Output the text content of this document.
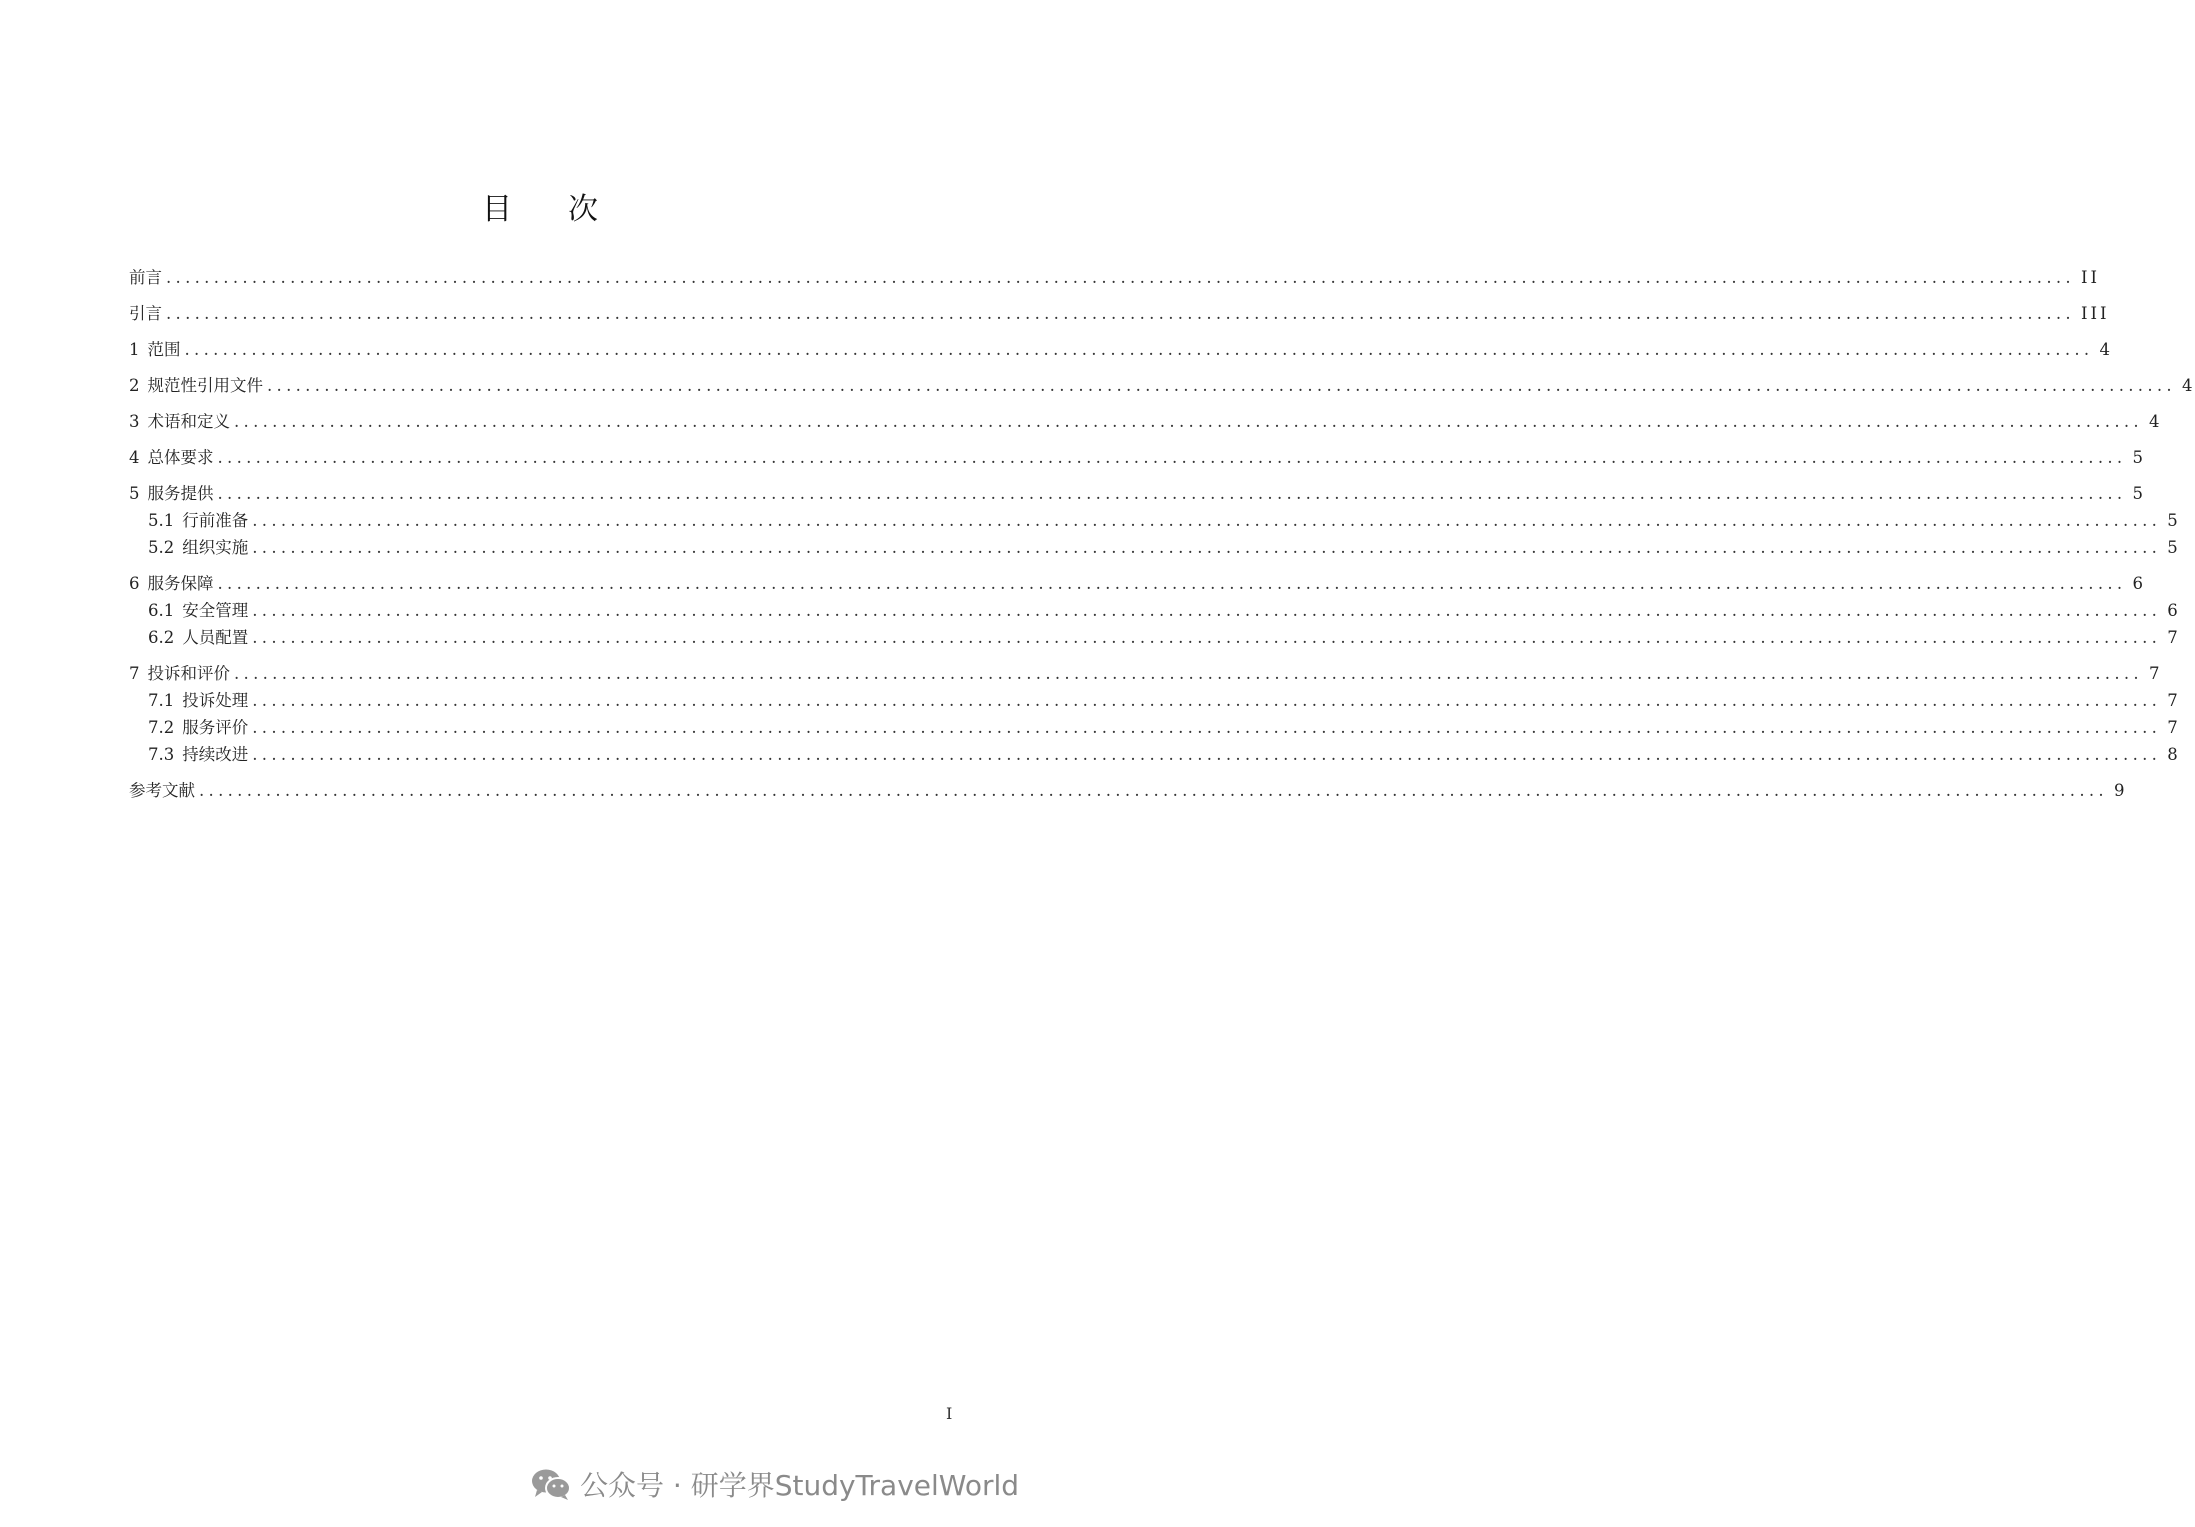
目 次
前言 ........................................................................................................................................................................................................ II
引言 ........................................................................................................................................................................................................ III
1 范围 ........................................................................................................................................................................................................ 4
2 规范性引用文件 ........................................................................................................................................................................................................ 4
3 术语和定义 ........................................................................................................................................................................................................ 4
4 总体要求 ........................................................................................................................................................................................................ 5
5 服务提供 ........................................................................................................................................................................................................ 5
5.1 行前准备 ........................................................................................................................................................................................................ 5
5.2 组织实施 ........................................................................................................................................................................................................ 5
6 服务保障 ........................................................................................................................................................................................................ 6
6.1 安全管理 ........................................................................................................................................................................................................ 6
6.2 人员配置 ........................................................................................................................................................................................................ 7
7 投诉和评价 ........................................................................................................................................................................................................ 7
7.1 投诉处理 ........................................................................................................................................................................................................ 7
7.2 服务评价 ........................................................................................................................................................................................................ 7
7.3 持续改进 ........................................................................................................................................................................................................ 8
参考文献 ........................................................................................................................................................................................................ 9
I
公众号 · 研学界StudyTravelWorld
